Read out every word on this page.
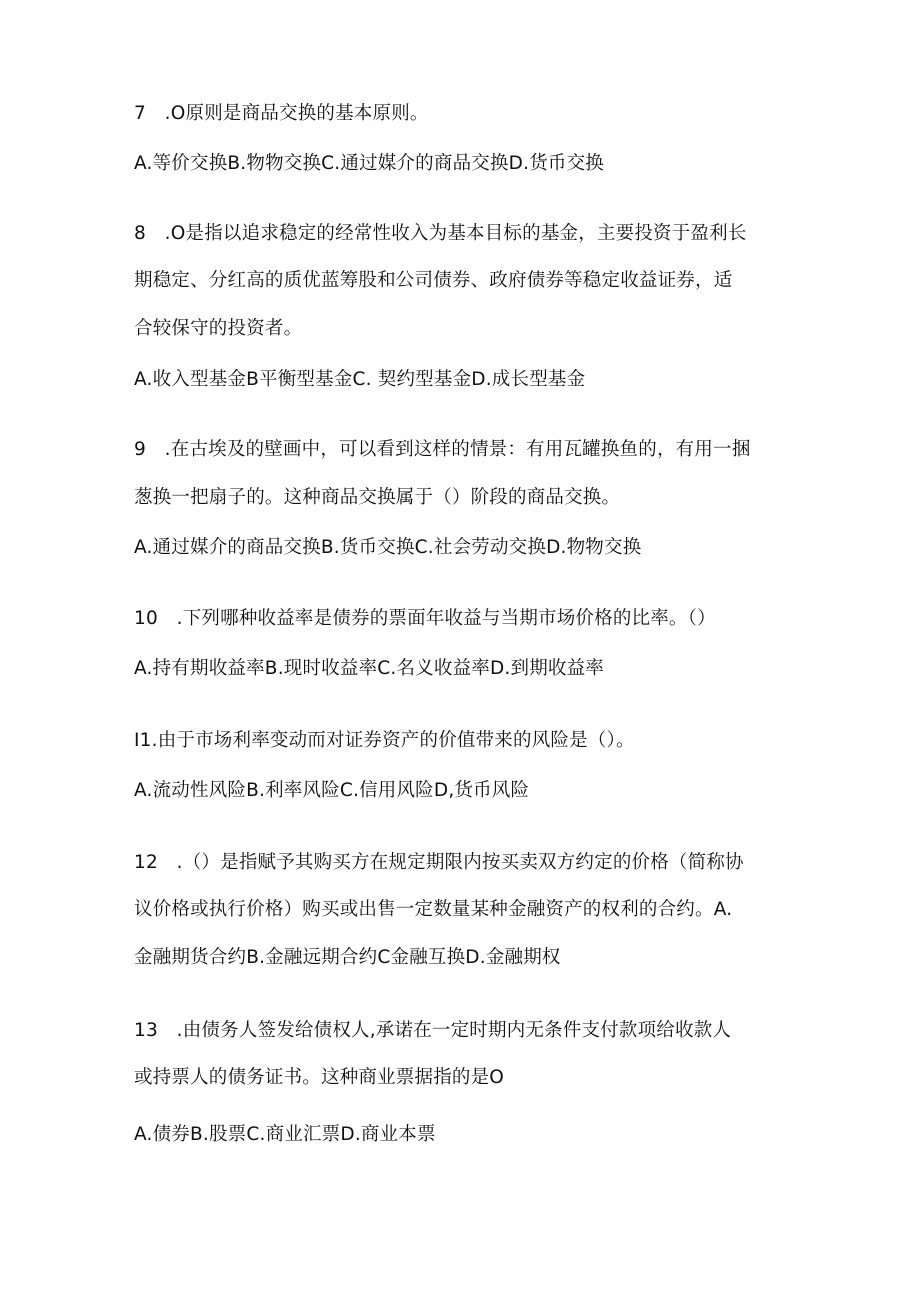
7　.O原则是商品交换的基本原则。

A.等价交换B.物物交换C.通过媒介的商品交换D.货币交换

8　.O是指以追求稳定的经常性收入为基本目标的基金，主要投资于盈利长

期稳定、分红高的质优蓝筹股和公司债券、政府债券等稳定收益证券，适

合较保守的投资者。

A.收入型基金B平衡型基金C. 契约型基金D.成长型基金

9　.在古埃及的壁画中，可以看到这样的情景：有用瓦罐换鱼的，有用一捆

葱换一把扇子的。这种商品交换属于（）阶段的商品交换。

A.通过媒介的商品交换B.货币交换C.社会劳动交换D.物物交换

10　.下列哪种收益率是债券的票面年收益与当期市场价格的比率。（）

A.持有期收益率B.现时收益率C.名义收益率D.到期收益率

I1.由于市场利率变动而对证券资产的价值带来的风险是（）。

A.流动性风险B.利率风险C.信用风险D,货币风险

12　.（）是指赋予其购买方在规定期限内按买卖双方约定的价格（简称协

议价格或执行价格）购买或出售一定数量某种金融资产的权利的合约。A.

金融期货合约B.金融远期合约C金融互换D.金融期权

13　.由债务人签发给债权人,承诺在一定时期内无条件支付款项给收款人

或持票人的债务证书。这种商业票据指的是O

A.债券B.股票C.商业汇票D.商业本票
